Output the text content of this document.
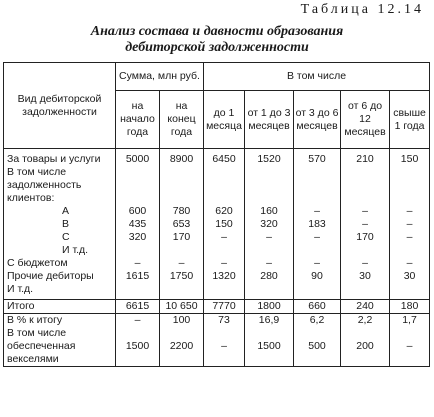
Таблица 12.14
Анализ состава и давности образования
дебиторской задолженности
Вид дебиторской задолженности	Сумма, млн руб.		В том числе				
	на начало года	на конец года	до 1 месяца	от 1 до 3 месяцев	от 3 до 6 месяцев	от 6 до 12 месяцев	свыше 1 года
За товары и услуги	5000	8900	6450	1520	570	210	150
В том числе задолженность клиентов:							
А	600	780	620	160	–	–	–
В	435	653	150	320	183	–	–
С	320	170	–	–	–	170	–
И т.д.							
С бюджетом	–	–	–	–	–	–	–
Прочие дебиторы	1615	1750	1320	280	90	30	30
И т.д.							
Итого	6615	10 650	7770	1800	660	240	180
В % к итогу	–	100	73	16,9	6,2	2,2	1,7
В том числе обеспеченная векселями	1500	2200	–	1500	500	200	–
